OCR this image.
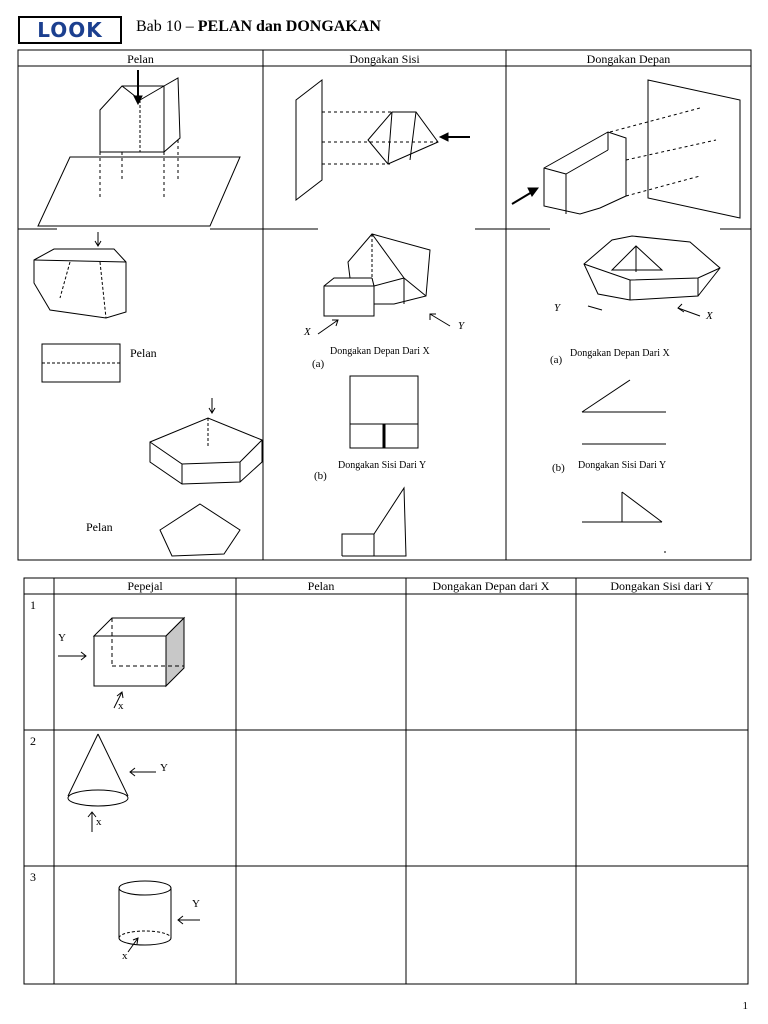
LOOK Bab 10 – PELAN dan DONGAKAN
Pelan	Dongakan Sisi	Dongakan Depan
Pelan
Pelan
X	Y
(a)
Dongakan Depan Dari X
(b)
Dongakan Sisi Dari Y
Y
X
(a)
Dongakan Depan Dari X
(b) Dongakan Sisi Dari Y
Pepejal	Pelan	Dongakan Depan dari X	Dongakan Sisi dari Y
1
Y
x
2
Y
x
3
Y
x
1
